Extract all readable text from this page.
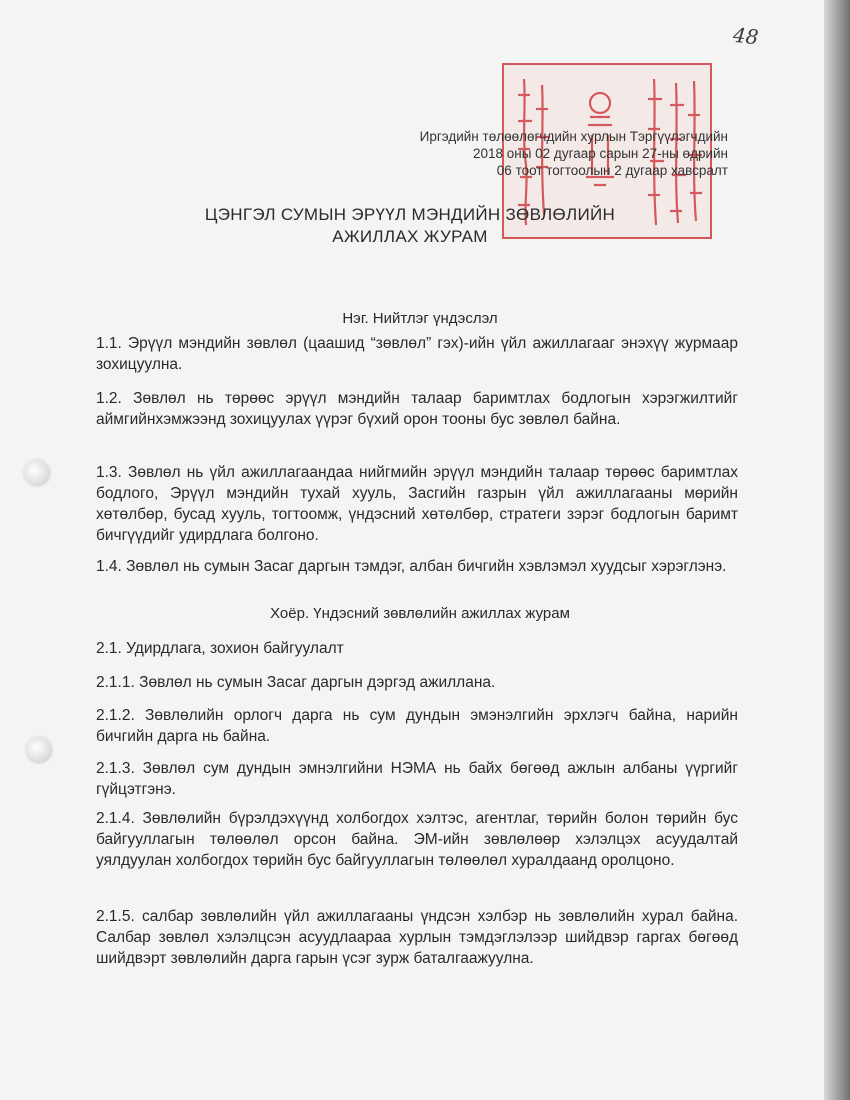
48
Иргэдийн төлөөлөгчдийн хурлын Тэргүүлэгчдийн
2018 оны 02 дугаар сарын 27-ны өдрийн
06 тоот тогтоолын 2 дугаар хавсралт
ЦЭНГЭЛ СУМЫН ЭРҮҮЛ МЭНДИЙН ЗӨВЛӨЛИЙН
АЖИЛЛАХ ЖУРАМ
Нэг. Нийтлэг үндэслэл

1.1. Эрүүл мэндийн зөвлөл (цаашид “зөвлөл” гэх)-ийн үйл ажиллагааг энэхүү журмаар зохицуулна.

1.2. Зөвлөл нь төрөөс эрүүл мэндийн талаар баримтлах бодлогын хэрэгжилтийг аймгийнхэмжээнд зохицуулах үүрэг бүхий орон тооны бус зөвлөл байна.

1.3. Зөвлөл нь үйл ажиллагаандаа нийгмийн эрүүл мэндийн талаар төрөөс баримтлах бодлого, Эрүүл мэндийн тухай хууль, Засгийн газрын үйл ажиллагааны мөрийн хөтөлбөр, бусад хууль, тогтоомж, үндэсний хөтөлбөр, стратеги зэрэг бодлогын баримт бичгүүдийг удирдлага болгоно.

1.4. Зөвлөл нь сумын Засаг даргын тэмдэг, албан бичгийн хэвлэмэл хуудсыг хэрэглэнэ.

Хоёр. Үндэсний зөвлөлийн ажиллах журам

2.1. Удирдлага, зохион байгуулалт

2.1.1. Зөвлөл нь сумын Засаг даргын дэргэд ажиллана.

2.1.2. Зөвлөлийн орлогч дарга нь сум дундын эмэнэлгийн эрхлэгч байна, нарийн бичгийн дарга нь байна.

2.1.3. Зөвлөл сум дундын эмнэлгийни НЭМА нь байх бөгөөд ажлын албаны үүргийг гүйцэтгэнэ.

2.1.4. Зөвлөлийн бүрэлдэхүүнд холбогдох хэлтэс, агентлаг, төрийн болон төрийн бус байгууллагын төлөөлөл орсон байна. ЭМ-ийн зөвлөлөөр хэлэлцэх асуудалтай уялдуулан холбогдох төрийн бус байгууллагын төлөөлөл хуралдаанд оролцоно.

2.1.5. салбар зөвлөлийн үйл ажиллагааны үндсэн хэлбэр нь зөвлөлийн хурал байна. Салбар зөвлөл хэлэлцсэн асуудлаараа хурлын тэмдэглэлээр шийдвэр гаргах бөгөөд шийдвэрт зөвлөлийн дарга гарын үсэг зурж баталгаажуулна.
